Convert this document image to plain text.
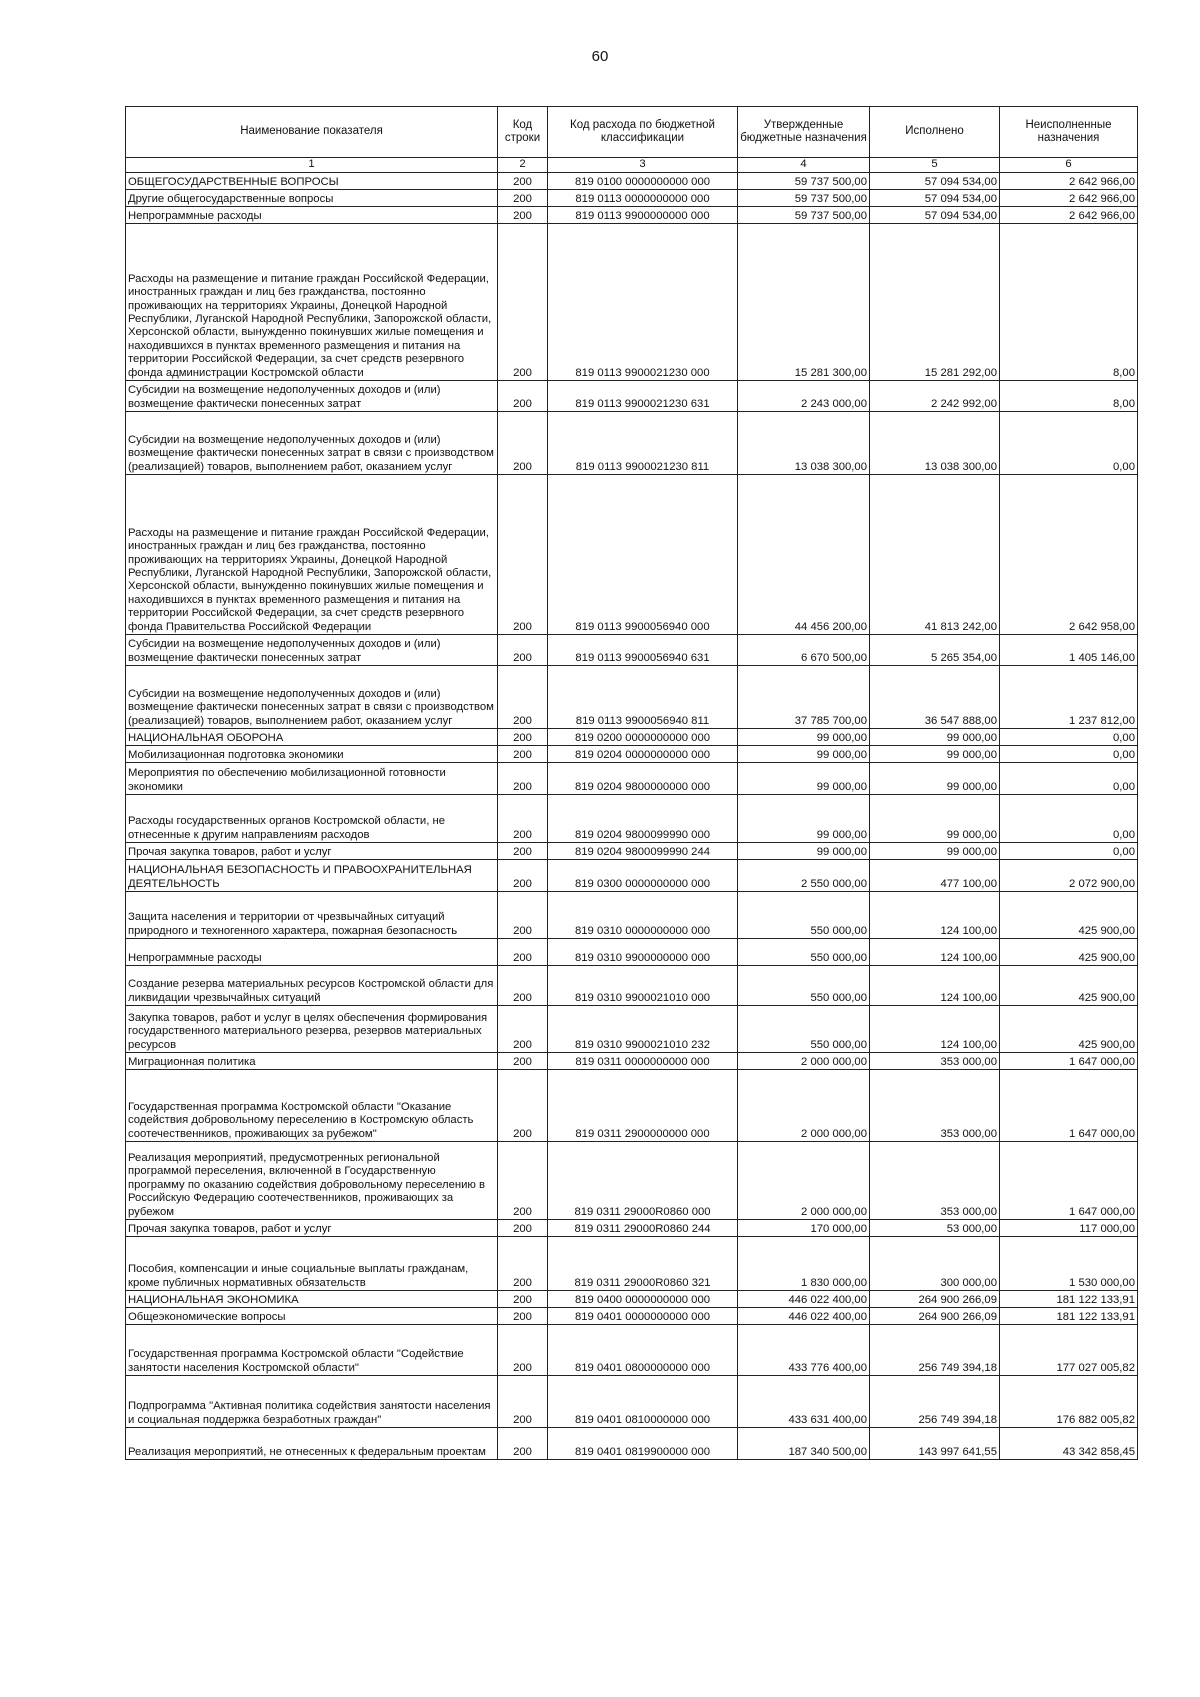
60
Наименование показателя	Код строки	Код расхода по бюджетной классификации	Утвержденные бюджетные назначения	Исполнено	Неисполненные назначения
1	2	3	4	5	6
ОБЩЕГОСУДАРСТВЕННЫЕ ВОПРОСЫ	200	819 0100 0000000000 000	59 737 500,00	57 094 534,00	2 642 966,00
Другие общегосударственные вопросы	200	819 0113 0000000000 000	59 737 500,00	57 094 534,00	2 642 966,00
Непрограммные расходы	200	819 0113 9900000000 000	59 737 500,00	57 094 534,00	2 642 966,00
Расходы на размещение и питание граждан Российской Федерации, иностранных граждан и лиц без гражданства, постоянно проживающих на территориях Украины, Донецкой Народной Республики, Луганской Народной Республики, Запорожской области, Херсонской области, вынужденно покинувших жилые помещения и находившихся в пунктах временного размещения и питания на территории Российской Федерации, за счет средств резервного фонда администрации Костромской области	200	819 0113 9900021230 000	15 281 300,00	15 281 292,00	8,00
Субсидии на возмещение недополученных доходов и (или) возмещение фактически понесенных затрат	200	819 0113 9900021230 631	2 243 000,00	2 242 992,00	8,00
Субсидии на возмещение недополученных доходов и (или) возмещение фактически понесенных затрат в связи с производством (реализацией) товаров, выполнением работ, оказанием услуг	200	819 0113 9900021230 811	13 038 300,00	13 038 300,00	0,00
Расходы на размещение и питание граждан Российской Федерации, иностранных граждан и лиц без гражданства, постоянно проживающих на территориях Украины, Донецкой Народной Республики, Луганской Народной Республики, Запорожской области, Херсонской области, вынужденно покинувших жилые помещения и находившихся в пунктах временного размещения и питания на территории Российской Федерации, за счет средств резервного фонда Правительства Российской Федерации	200	819 0113 9900056940 000	44 456 200,00	41 813 242,00	2 642 958,00
Субсидии на возмещение недополученных доходов и (или) возмещение фактически понесенных затрат	200	819 0113 9900056940 631	6 670 500,00	5 265 354,00	1 405 146,00
Субсидии на возмещение недополученных доходов и (или) возмещение фактически понесенных затрат в связи с производством (реализацией) товаров, выполнением работ, оказанием услуг	200	819 0113 9900056940 811	37 785 700,00	36 547 888,00	1 237 812,00
НАЦИОНАЛЬНАЯ ОБОРОНА	200	819 0200 0000000000 000	99 000,00	99 000,00	0,00
Мобилизационная подготовка экономики	200	819 0204 0000000000 000	99 000,00	99 000,00	0,00
Мероприятия по обеспечению мобилизационной готовности экономики	200	819 0204 9800000000 000	99 000,00	99 000,00	0,00
Расходы государственных органов Костромской области, не отнесенные к другим направлениям расходов	200	819 0204 9800099990 000	99 000,00	99 000,00	0,00
Прочая закупка товаров, работ и услуг	200	819 0204 9800099990 244	99 000,00	99 000,00	0,00
НАЦИОНАЛЬНАЯ БЕЗОПАСНОСТЬ И ПРАВООХРАНИТЕЛЬНАЯ ДЕЯТЕЛЬНОСТЬ	200	819 0300 0000000000 000	2 550 000,00	477 100,00	2 072 900,00
Защита населения и территории от чрезвычайных ситуаций природного и техногенного характера, пожарная безопасность	200	819 0310 0000000000 000	550 000,00	124 100,00	425 900,00
Непрограммные расходы	200	819 0310 9900000000 000	550 000,00	124 100,00	425 900,00
Создание резерва материальных ресурсов Костромской области для ликвидации чрезвычайных ситуаций	200	819 0310 9900021010 000	550 000,00	124 100,00	425 900,00
Закупка товаров, работ и услуг в целях обеспечения формирования государственного материального резерва, резервов материальных ресурсов	200	819 0310 9900021010 232	550 000,00	124 100,00	425 900,00
Миграционная политика	200	819 0311 0000000000 000	2 000 000,00	353 000,00	1 647 000,00
Государственная программа Костромской области "Оказание содействия добровольному переселению в Костромскую область соотечественников, проживающих за рубежом"	200	819 0311 2900000000 000	2 000 000,00	353 000,00	1 647 000,00
Реализация мероприятий, предусмотренных региональной программой переселения, включенной в Государственную программу по оказанию содействия добровольному переселению в Российскую Федерацию соотечественников, проживающих за рубежом	200	819 0311 29000R0860 000	2 000 000,00	353 000,00	1 647 000,00
Прочая закупка товаров, работ и услуг	200	819 0311 29000R0860 244	170 000,00	53 000,00	117 000,00
Пособия, компенсации и иные социальные выплаты гражданам, кроме публичных нормативных обязательств	200	819 0311 29000R0860 321	1 830 000,00	300 000,00	1 530 000,00
НАЦИОНАЛЬНАЯ ЭКОНОМИКА	200	819 0400 0000000000 000	446 022 400,00	264 900 266,09	181 122 133,91
Общеэкономические вопросы	200	819 0401 0000000000 000	446 022 400,00	264 900 266,09	181 122 133,91
Государственная программа Костромской области "Содействие занятости населения Костромской области"	200	819 0401 0800000000 000	433 776 400,00	256 749 394,18	177 027 005,82
Подпрограмма "Активная политика содействия занятости населения и социальная поддержка безработных граждан"	200	819 0401 0810000000 000	433 631 400,00	256 749 394,18	176 882 005,82
Реализация мероприятий, не отнесенных к федеральным проектам	200	819 0401 0819900000 000	187 340 500,00	143 997 641,55	43 342 858,45
